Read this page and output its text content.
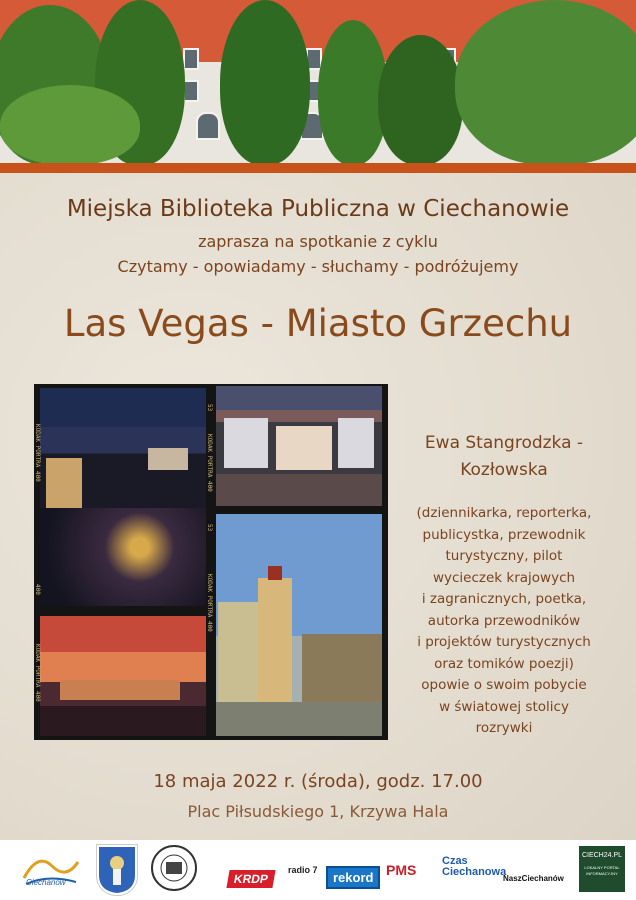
Miejska Biblioteka Publiczna w Ciechanowie
zaprasza na spotkanie z cyklu
Czytamy - opowiadamy - słuchamy - podróżujemy
Las Vegas - Miasto Grzechu
KODAK PORTRA 400	KODAK PORTRA 400
KODAK PORTRA 400
KODAK PORTRA 400
53
400
53
Ewa Stangrodzka -
Kozłowska
(dziennikarka, reporterka,
publicystka, przewodnik
turystyczny, pilot
wycieczek krajowych
i zagranicznych, poetka,
autorka przewodników
i projektów turystycznych
oraz tomików poezji)
opowie o swoim pobycie
w światowej stolicy
rozrywki
18 maja 2022 r. (środa), godz. 17.00
Plac Piłsudskiego 1, Krzywa Hala
Ciechanów	KRDP
radio 7	rekord PMS
Czas Ciechanowa
NaszCiechanów
CIECH24.PL
LOKALNY PORTAL INFORMACYJNY
